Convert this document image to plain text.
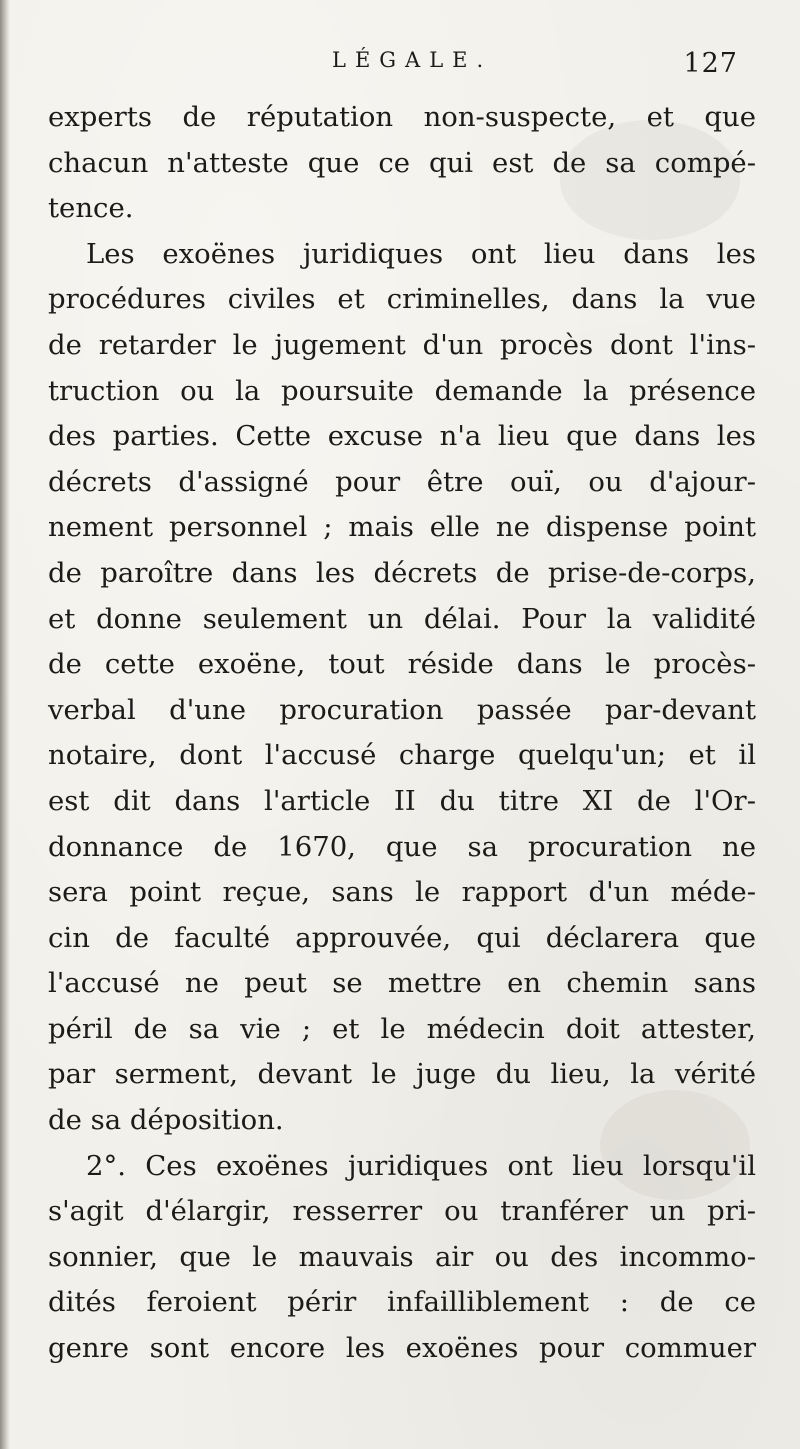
LÉGALE.	127
experts de réputation non-suspecte, et que
chacun n'atteste que ce qui est de sa compé-
tence.
Les exoënes juridiques ont lieu dans les
procédures civiles et criminelles, dans la vue
de retarder le jugement d'un procès dont l'ins-
truction ou la poursuite demande la présence
des parties. Cette excuse n'a lieu que dans les
décrets d'assigné pour être ouï, ou d'ajour-
nement personnel ; mais elle ne dispense point
de paroître dans les décrets de prise-de-corps,
et donne seulement un délai. Pour la validité
de cette exoëne, tout réside dans le procès-
verbal d'une procuration passée par-devant
notaire, dont l'accusé charge quelqu'un; et il
est dit dans l'article II du titre XI de l'Or-
donnance de 1670, que sa procuration ne
sera point reçue, sans le rapport d'un méde-
cin de faculté approuvée, qui déclarera que
l'accusé ne peut se mettre en chemin sans
péril de sa vie ; et le médecin doit attester,
par serment, devant le juge du lieu, la vérité
de sa déposition.
2°. Ces exoënes juridiques ont lieu lorsqu'il
s'agit d'élargir, resserrer ou tranférer un pri-
sonnier, que le mauvais air ou des incommo-
dités feroient périr infailliblement : de ce
genre sont encore les exoënes pour commuer
